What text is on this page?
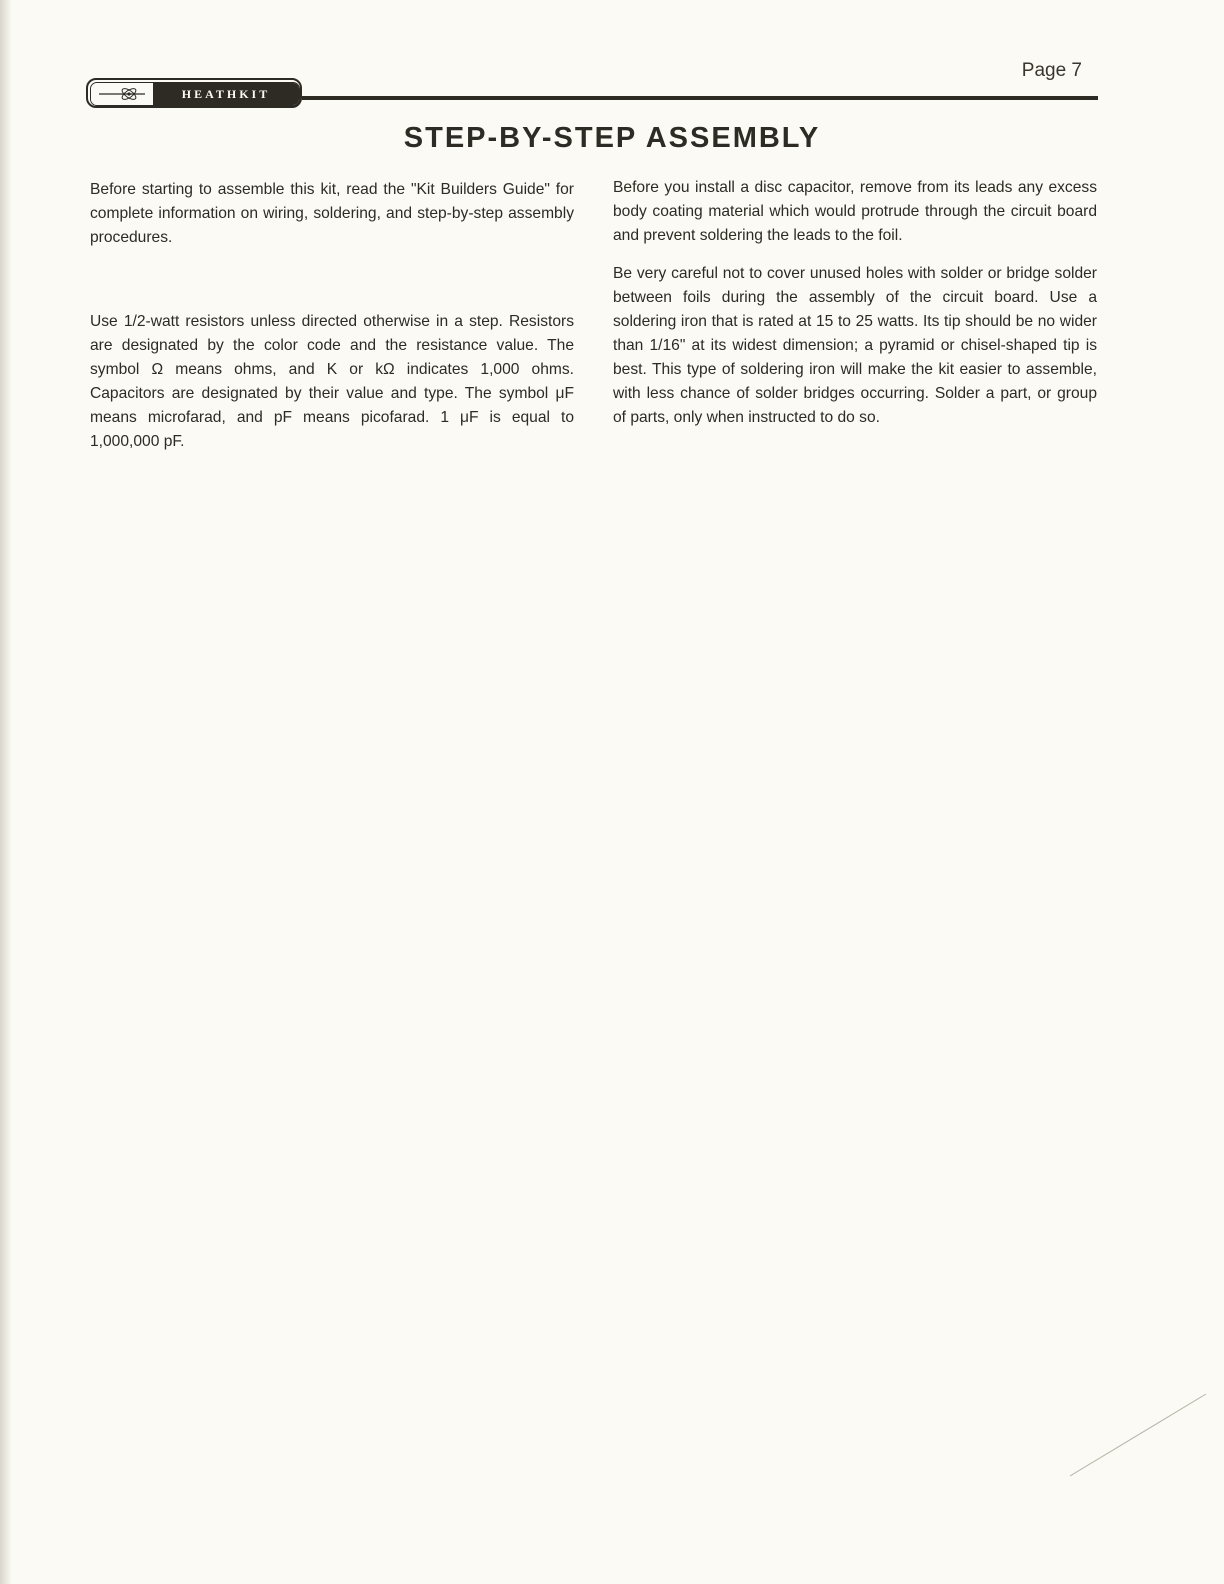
Page 7
HEATHKIT
STEP-BY-STEP ASSEMBLY

Before starting to assemble this kit, read the "Kit Builders Guide" for complete information on wiring, soldering, and step-by-step assembly procedures.

Use 1/2-watt resistors unless directed otherwise in a step. Resistors are designated by the color code and the resistance value. The symbol Ω means ohms, and K or kΩ indicates 1,000 ohms. Capacitors are designated by their value and type. The symbol μF means microfarad, and pF means picofarad. 1 μF is equal to 1,000,000 pF.

Before you install a disc capacitor, remove from its leads any excess body coating material which would protrude through the circuit board and prevent soldering the leads to the foil.

Be very careful not to cover unused holes with solder or bridge solder between foils during the assembly of the circuit board. Use a soldering iron that is rated at 15 to 25 watts. Its tip should be no wider than 1/16" at its widest dimension; a pyramid or chisel-shaped tip is best. This type of soldering iron will make the kit easier to assemble, with less chance of solder bridges occurring. Solder a part, or group of parts, only when instructed to do so.
